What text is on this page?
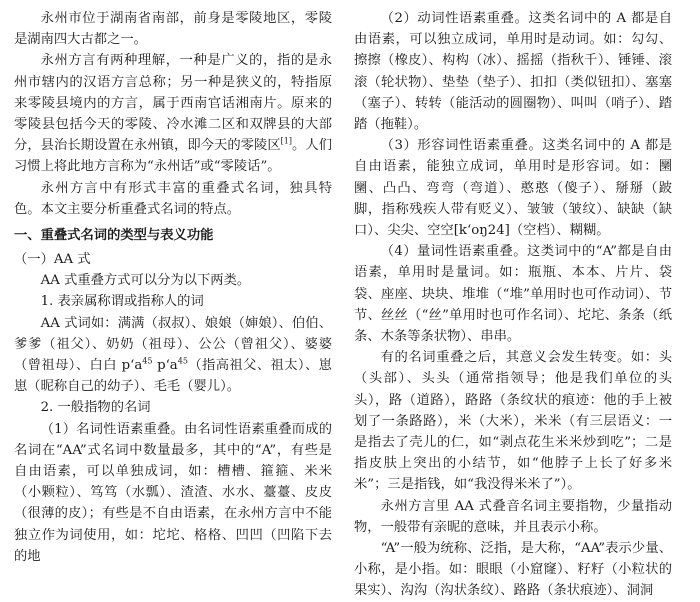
永州市位于湖南省南部，前身是零陵地区，零陵是湖南四大古都之一。

永州方言有两种理解，一种是广义的，指的是永州市辖内的汉语方言总称；另一种是狭义的，特指原来零陵县境内的方言，属于西南官话湘南片。原来的零陵县包括今天的零陵、冷水滩二区和双牌县的大部分，县治长期设置在永州镇，即今天的零陵区[1]。人们习惯上将此地方言称为“永州话”或“零陵话”。

永州方言中有形式丰富的重叠式名词，独具特色。本文主要分析重叠式名词的特点。

一、重叠式名词的类型与表义功能

（一）AA 式

AA 式重叠方式可以分为以下两类。

1. 表亲属称谓或指称人的词

AA 式词如：满满（叔叔）、娘娘（婶娘）、伯伯、爹爹（祖父）、奶奶（祖母）、公公（曾祖父）、婆婆（曾祖母）、白白 pʻa$^{45}$ pʻa$^{45}$（指高祖父、祖太）、崽崽（昵称自己的幼子）、毛毛（婴儿）。

2. 一般指物的名词

（1）名词性语素重叠。由名词性语素重叠而成的名词在“AA”式名词中数量最多，其中的“A”，有些是自由语素，可以单独成词，如：槽槽、箍箍、米米（小颗粒）、笃笃（水瓢）、渣渣、水水、薹薹、皮皮（很薄的皮）；有些是不自由语素，在永州方言中不能独立作为词使用，如：坨坨、格格、凹凹（凹陷下去的地

（2）动词性语素重叠。这类名词中的 A 都是自由语素，可以独立成词，单用时是动词。如：勾勾、擦擦（橡皮）、构构（冰）、摇摇（指秋千）、锤锤、滚滚（轮状物）、垫垫（垫子）、扣扣（类似钮扣）、塞塞（塞子）、转转（能活动的圆圈物）、叫叫（哨子）、踏踏（拖鞋）。

（3）形容词性语素重叠。这类名词中的 A 都是自由语素，能独立成词，单用时是形容词。如：圞圞、凸凸、弯弯（弯道）、憨憨（傻子）、掰掰（跛脚，指称残疾人带有贬义）、皱皱（皱纹）、缺缺（缺口）、尖尖、空空[kʻoŋ24]（空档）、糊糊。

（4）量词性语素重叠。这类词中的“A”都是自由语素，单用时是量词。如：瓶瓶、本本、片片、袋袋、座座、块块、堆堆（“堆”单用时也可作动词）、节节、丝丝（“丝”单用时也可作名词）、坨坨、条条（纸条、木条等条状物）、串串。

有的名词重叠之后，其意义会发生转变。如：头（头部）、头头（通常指领导；他是我们单位的头头），路（道路），路路（条纹状的痕迹：他的手上被划了一条路路），米（大米），米米（有三层语义：一是指去了壳儿的仁，如“剥点花生米米炒到吃”；二是指皮肤上突出的小结节，如“他脖子上长了好多米米”；三是指钱，如“我没得米米了”）。

永州方言里 AA 式叠音名词主要指物，少量指动物，一般带有亲昵的意味，并且表示小称。

“A”一般为统称、泛指，是大称，“AA”表示少量、小称，是小指。如：眼眼（小窟窿）、籽籽（小粒状的果实）、沟沟（沟状条纹）、路路（条状痕迹）、洞洞
